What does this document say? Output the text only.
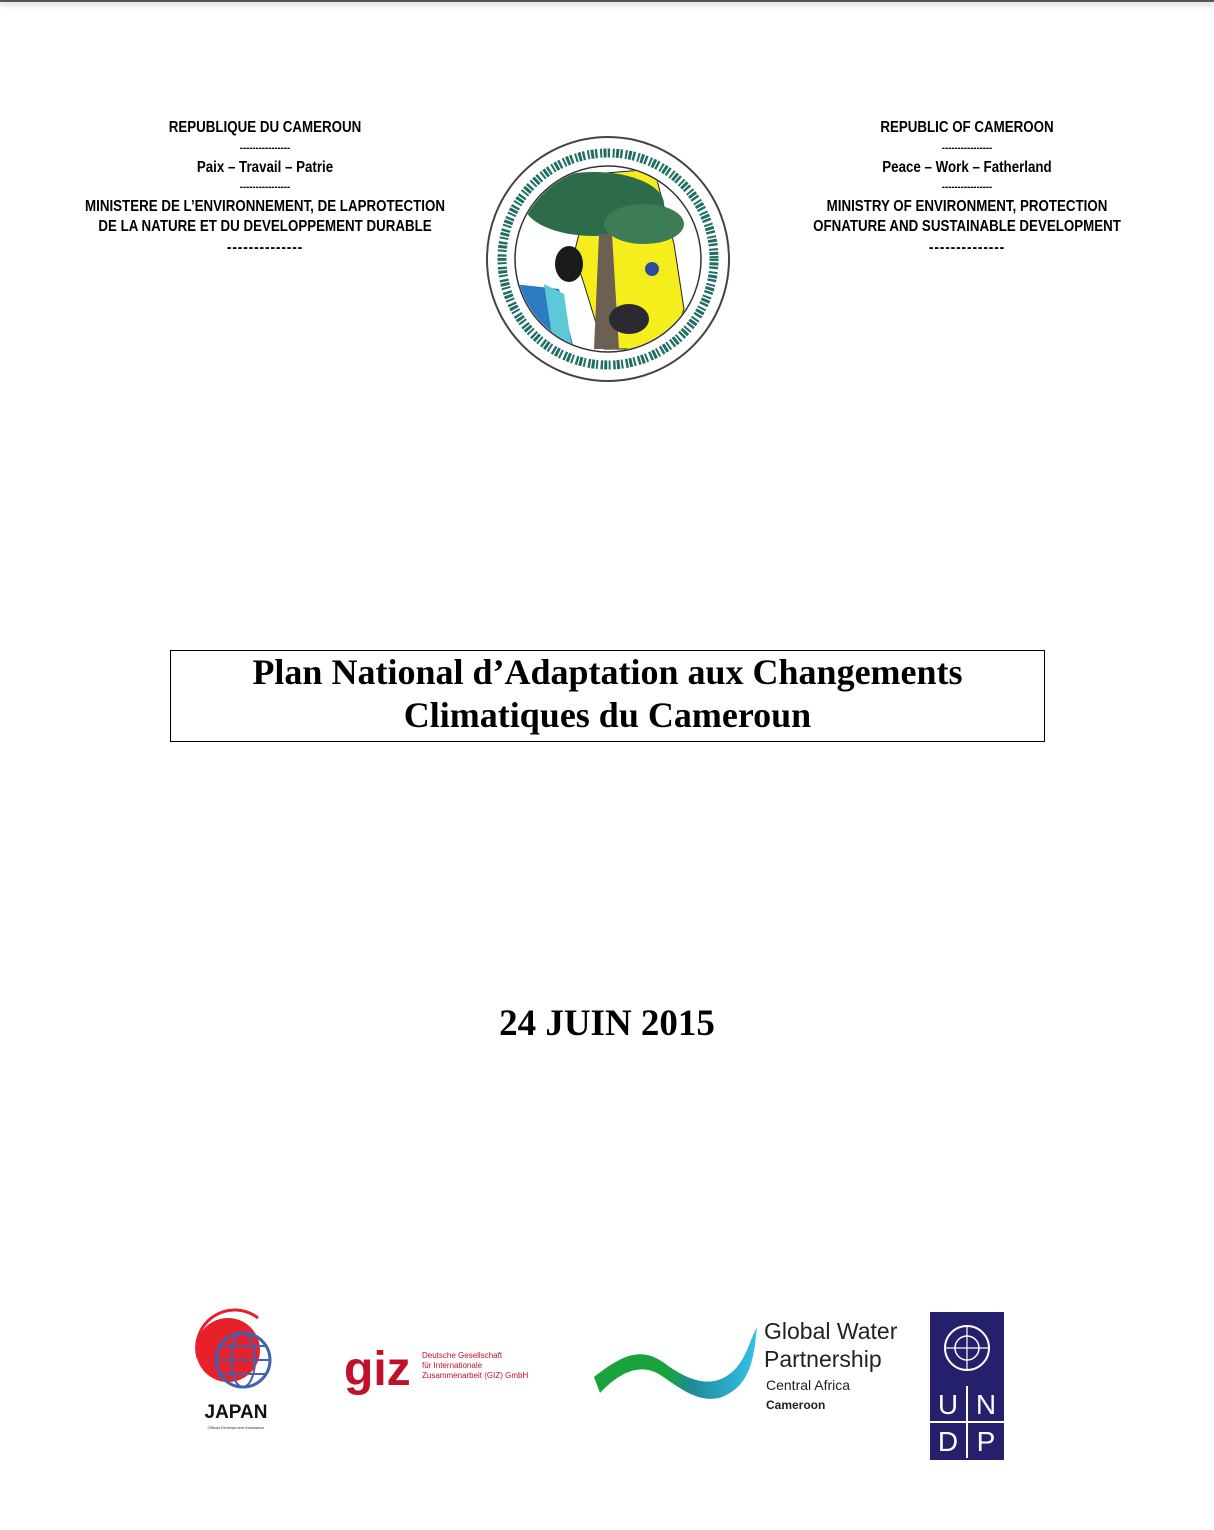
REPUBLIQUE DU CAMEROUN
----------------
Paix – Travail – Patrie
----------------
MINISTERE DE L’ENVIRONNEMENT, DE LAPROTECTION
DE LA NATURE ET DU DEVELOPPEMENT DURABLE
--------------
REPUBLIC OF CAMEROON
----------------
Peace – Work – Fatherland
----------------
MINISTRY OF ENVIRONMENT, PROTECTION
OFNATURE AND SUSTAINABLE DEVELOPMENT
--------------
Plan National d’Adaptation aux Changements
Climatiques du Cameroun
24 JUIN 2015
JAPAN
Official Development Assistance
giz Deutsche Gesellschaft
für Internationale
Zusammenarbeit (GIZ) GmbH
Global Water
Partnership
Central Africa
Cameroon	U N
D P
